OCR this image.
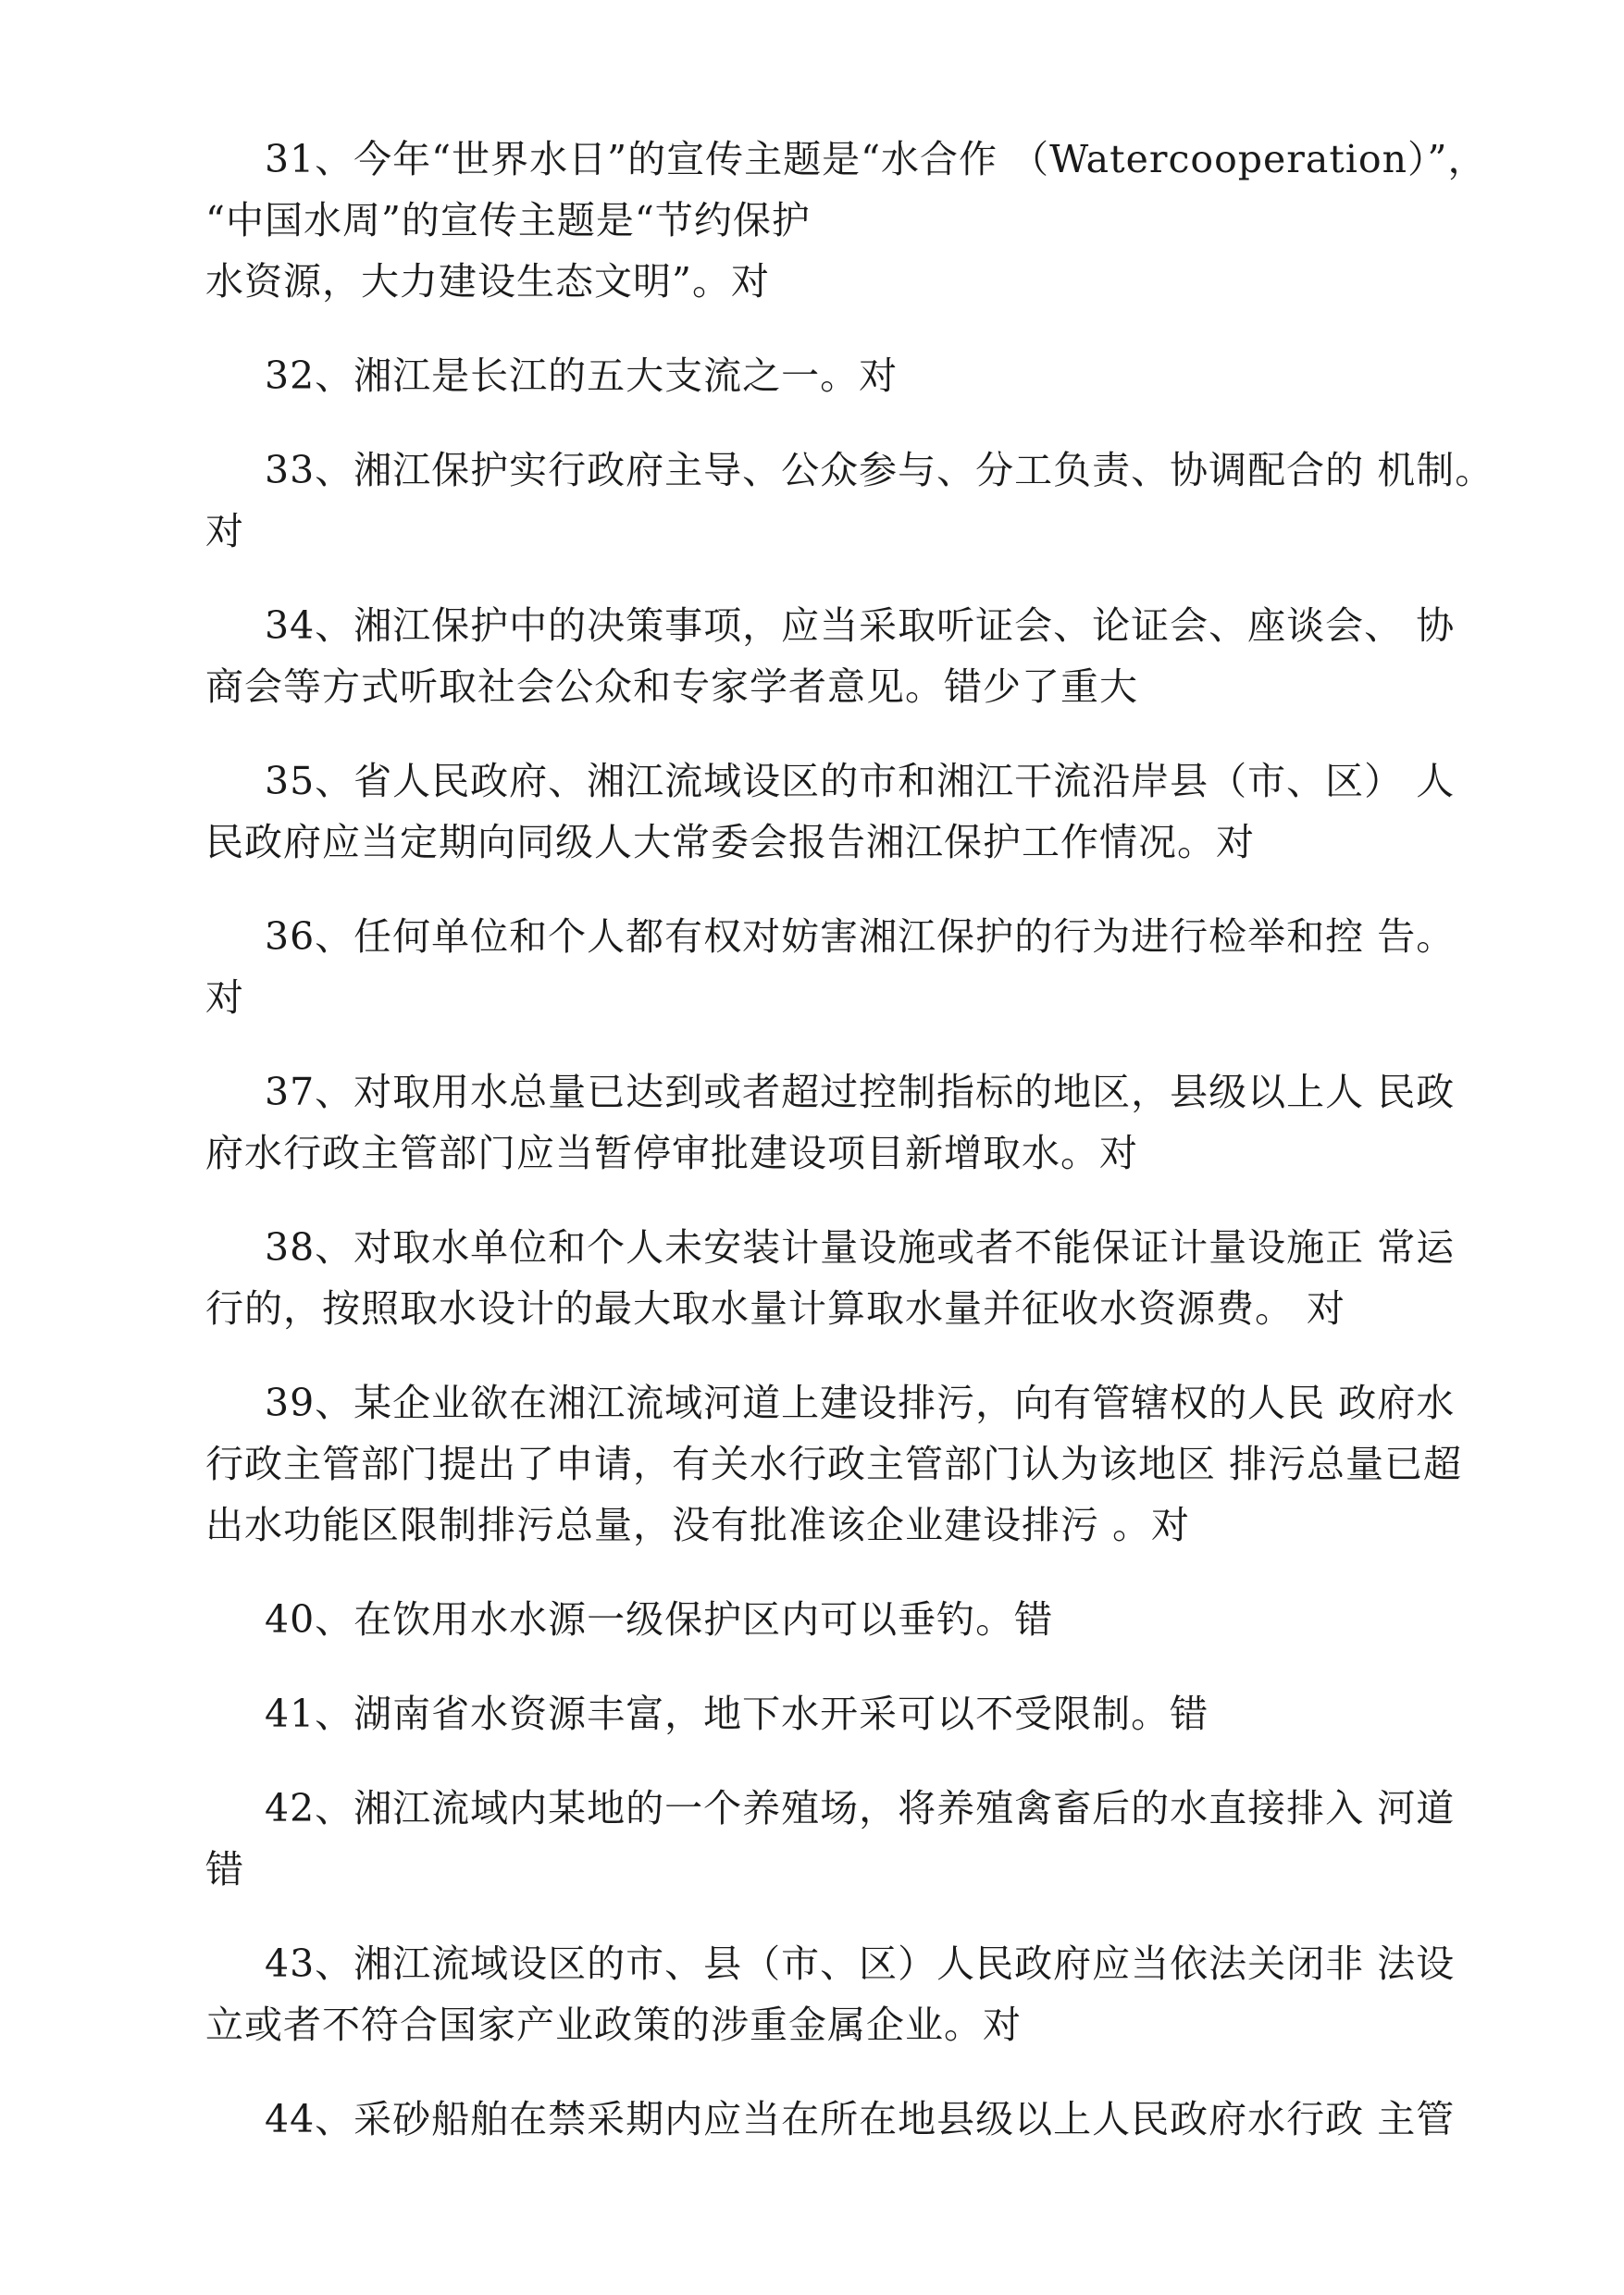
31、今年“世界水日”的宣传主题是“水合作 （Watercooperation）”，
“中国水周”的宣传主题是“节约保护
水资源，大力建设生态文明”。对
32、湘江是长江的五大支流之一。对
33、湘江保护实行政府主导、公众参与、分工负责、协调配合的 机制。
对
34、湘江保护中的决策事项，应当采取听证会、论证会、座谈会、 协
商会等方式听取社会公众和专家学者意见。错少了重大
35、省人民政府、湘江流域设区的市和湘江干流沿岸县（市、区） 人
民政府应当定期向同级人大常委会报告湘江保护工作情况。对
36、任何单位和个人都有权对妨害湘江保护的行为进行检举和控 告。
对
37、对取用水总量已达到或者超过控制指标的地区，县级以上人 民政
府水行政主管部门应当暂停审批建设项目新增取水。对
38、对取水单位和个人未安装计量设施或者不能保证计量设施正 常运
行的，按照取水设计的最大取水量计算取水量并征收水资源费。 对
39、某企业欲在湘江流域河道上建设排污，向有管辖权的人民 政府水
行政主管部门提出了申请，有关水行政主管部门认为该地区 排污总量已超
出水功能区限制排污总量，没有批准该企业建设排污 。对
40、在饮用水水源一级保护区内可以垂钓。错
41、湖南省水资源丰富，地下水开采可以不受限制。错
42、湘江流域内某地的一个养殖场，将养殖禽畜后的水直接排入 河道
错
43、湘江流域设区的市、县（市、区）人民政府应当依法关闭非 法设
立或者不符合国家产业政策的涉重金属企业。对
44、采砂船舶在禁采期内应当在所在地县级以上人民政府水行政 主管
